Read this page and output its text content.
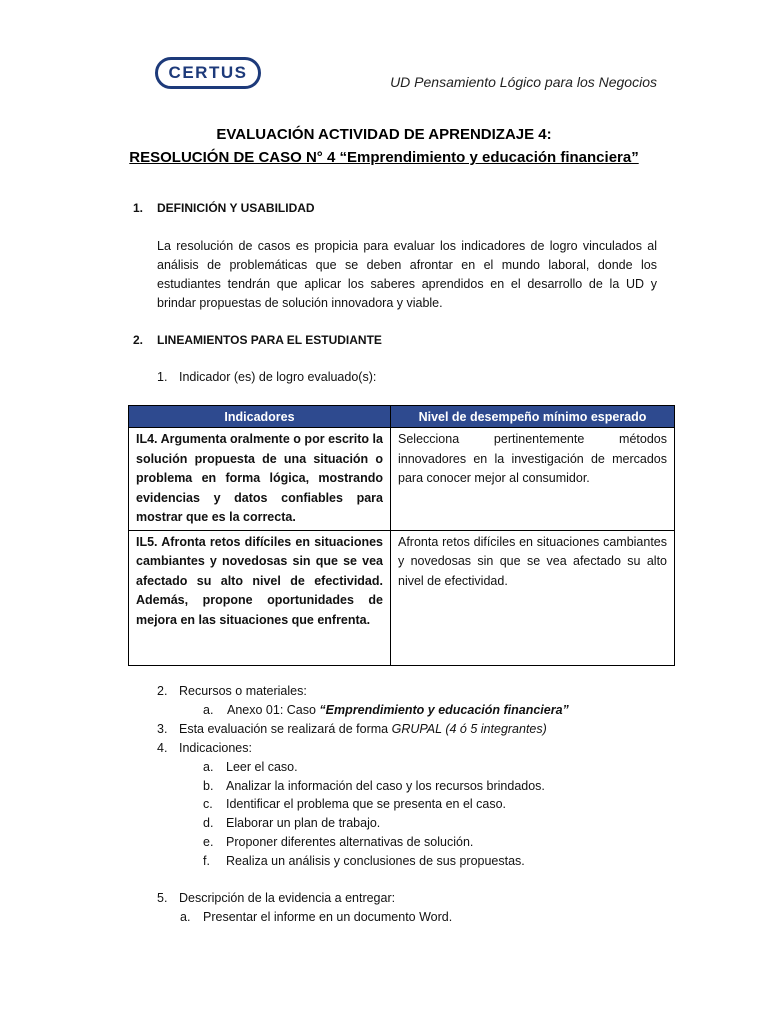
CERTUS	UD Pensamiento Lógico para los Negocios
EVALUACIÓN ACTIVIDAD DE APRENDIZAJE 4:
RESOLUCIÓN DE CASO N° 4 “Emprendimiento y educación financiera”
1. DEFINICIÓN Y USABILIDAD
La resolución de casos es propicia para evaluar los indicadores de logro vinculados al análisis de problemáticas que se deben afrontar en el mundo laboral, donde los estudiantes tendrán que aplicar los saberes aprendidos en el desarrollo de la UD y brindar propuestas de solución innovadora y viable.
2. LINEAMIENTOS PARA EL ESTUDIANTE
1. Indicador (es) de logro evaluado(s):
Indicadores	Nivel de desempeño mínimo esperado
IL4. Argumenta oralmente o por escrito la solución propuesta de una situación o problema en forma lógica, mostrando evidencias y datos confiables para mostrar que es la correcta.	Selecciona pertinentemente métodos innovadores en la investigación de mercados para conocer mejor al consumidor.
IL5. Afronta retos difíciles en situaciones cambiantes y novedosas sin que se vea afectado su alto nivel de efectividad. Además, propone oportunidades de mejora en las situaciones que enfrenta.	Afronta retos difíciles en situaciones cambiantes y novedosas sin que se vea afectado su alto nivel de efectividad.
2. Recursos o materiales:
a. Anexo 01: Caso “Emprendimiento y educación financiera”
3. Esta evaluación se realizará de forma GRUPAL (4 ó 5 integrantes)
4. Indicaciones:
a. Leer el caso.
b. Analizar la información del caso y los recursos brindados.
c. Identificar el problema que se presenta en el caso.
d. Elaborar un plan de trabajo.
e. Proponer diferentes alternativas de solución.
f. Realiza un análisis y conclusiones de sus propuestas.
5. Descripción de la evidencia a entregar:
a. Presentar el informe en un documento Word.
